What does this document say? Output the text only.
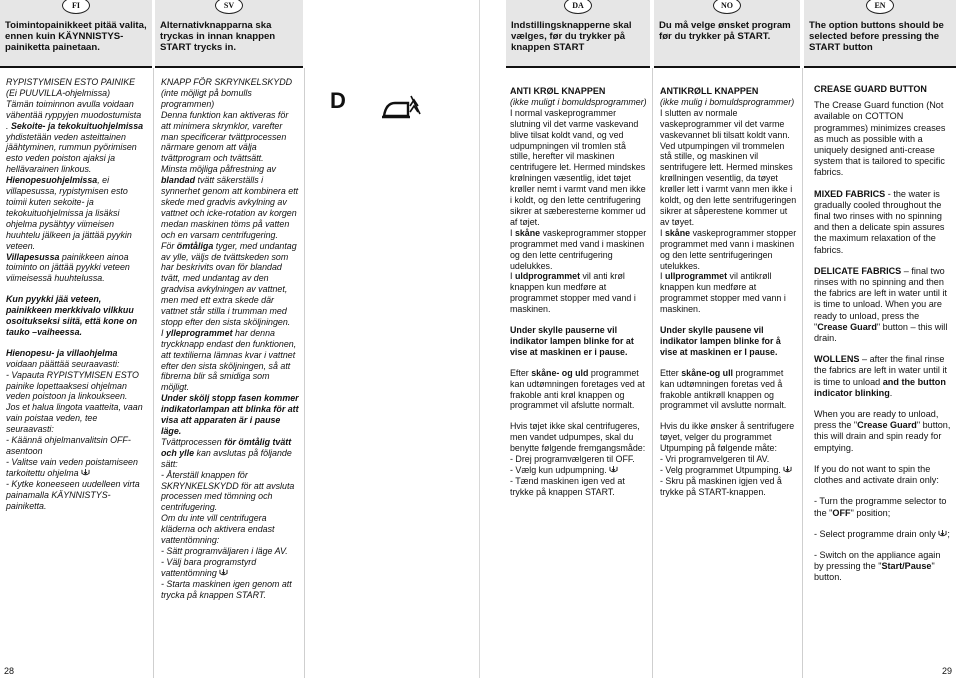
FI
Toimintopainikkeet pitää valita, ennen kuin KÄYNNISTYS- painiketta painetaan.

RYPISTYMISEN ESTO PAINIKE

(Ei PUUVILLA-ohjelmissa)

Tämän toiminnon avulla voidaan vähentää ryppyjen muodostumista . Sekoite- ja tekokuituohjelmissa yhdistetään veden asteittainen jäähtyminen, rummun pyörimisen esto veden poiston ajaksi ja hellävarainen linkous.

Hienopesuohjelmissa, ei villapesussa, rypistymisen esto toimii kuten sekoite- ja tekokuituohjelmissa ja lisäksi ohjelma pysähtyy viimeisen huuhtelu jälkeen ja jättää pyykin veteen.

Villapesussa painikkeen ainoa toiminto on jättää pyykki veteen viimeisessä huuhtelussa.

Kun pyykki jää veteen, painikkeen merkkivalo vilkkuu osoitukseksi siitä, että kone on tauko –vaiheessa.

Hienopesu- ja villaohjelma voidaan päättää seuraavasti:

- Vapauta RYPISTYMISEN ESTO painike lopettaaksesi ohjelman veden poistoon ja linkoukseen.

Jos et halua lingota vaatteita, vaan vain poistaa veden, tee seuraavasti:

- Käännä ohjelmanvalitsin OFF-asentoon

- Valitse vain veden poistamiseen tarkoitettu ohjelma

- Kytke koneeseen uudelleen virta painamalla KÄYNNISTYS-painiketta.

28
SV
Alternativknapparna ska tryckas in innan knappen START trycks in.

KNAPP FÖR SKRYNKELSKYDD

(inte möjligt på bomulls programmen)

Denna funktion kan aktiveras för att minimera skrynklor, varefter man specificerar tvättprocessen närmare genom att välja tvättprogram och tvättsätt.

Minsta möjliga påfrestning av blandad tvätt säkerställs i synnerhet genom att kombinera ett skede med gradvis avkylning av vattnet och icke-rotation av korgen medan maskinen töms på vatten och en varsam centrifugering.

För ömtåliga tyger, med undantag av ylle, väljs de tvättskeden som har beskrivits ovan för blandad tvätt, med undantag av den gradvisa avkylningen av vattnet, men med ett extra skede där vattnet står stilla i trumman med stopp efter den sista sköljningen.

I ylleprogrammet har denna tryckknapp endast den funktionen, att textilierna lämnas kvar i vattnet efter den sista sköljningen, så att fibrerna blir så smidiga som möjligt.

Under skölj stopp fasen kommer indikatorlampan att blinka för att visa att apparaten är i pause läge.

Tvättprocessen för ömtålig tvätt och ylle kan avslutas på följande sätt:

- Återställ knappen för SKRYNKELSKYDD för att avsluta processen med tömning och centrifugering.

Om du inte vill centrifugera kläderna och aktivera endast vattentömning:

- Sätt programväljaren i läge AV.

- Välj bara programstyrd vattentömning

- Starta maskinen igen genom att trycka på knappen START.

D
DA
Indstillingsknapperne skal vælges, før du trykker på knappen START

ANTI KRØL KNAPPEN

(ikke muligt i bomuldsprogrammer)

I normal vaskeprogrammer slutning vil det varme vaskevand blive tilsat koldt vand, og ved udpumpningen vil tromlen stå stille, herefter vil maskinen centrifugere let. Hermed mindskes krølningen væsentlig, idet tøjet krøller nemt i varmt vand men ikke i koldt, og den lette centrifugering sikrer at sæberesterne kommer ud af tøjet.

I skåne vaskeprogrammer stopper programmet med vand i maskinen og den lette centrifugering udelukkes.

I uldprogrammet vil anti krøl knappen kun medføre at programmet stopper med vand i maskinen.

Under skylle pauserne vil indikator lampen blinke for at vise at maskinen er i pause.

Efter skåne- og uld programmet kan udtømningen foretages ved at frakoble anti krøl knappen og programmet vil afslutte normalt.

Hvis tøjet ikke skal centrifugeres, men vandet udpumpes, skal du benytte følgende fremgangsmåde:

- Drej programvælgeren til OFF.

- Vælg kun udpumpning.

- Tænd maskinen igen ved at trykke på knappen START.

NO
Du må velge ønsket program før du trykker på START.

ANTIKRØLL KNAPPEN

(ikke mulig i bomuldsprogrammer)

I slutten av normale vaskeprogrammer vil det varme vaskevannet bli tilsatt koldt vann. Ved utpumpingen vil trommelen stå stille, og maskinen vil sentrifugere lett. Hermed minskes krøllningen vesentlig, da tøyet krøller lett i varmt vann men ikke i koldt, og den lette sentrifugeringen sikrer at såperestene kommer ut av tøyet.

I skåne vaskeprogrammer stopper programmet med vann i maskinen og den lette sentrifugeringen utelukkes.

I ullprogrammet vil antikrøll knappen kun medføre at programmet stopper med vann i maskinen.

Under skylle pausene vil indikator lampen blinke for å vise at maskinen er I pause.

Etter skåne-og ull programmet kan udtømningen foretas ved å frakoble antikrøll knappen og programmet vil avslutte normalt.

Hvis du ikke ønsker å sentrifugere tøyet, velger du programmet Utpumping på følgende måte:

- Vri programvelgeren til AV.

- Velg programmet Utpumping.

- Skru på maskinen igjen ved å trykke på START-knappen.

EN
The option buttons should be selected before pressing the START button

CREASE GUARD BUTTON

The Crease Guard function (Not available on COTTON programmes) minimizes creases as much as possible with a uniquely designed anti-crease system that is tailored to specific fabrics.

MIXED FABRICS - the water is gradually cooled throughout the final two rinses with no spinning and then a delicate spin assures the maximum relaxation of the fabrics.

DELICATE FABRICS – final two rinses with no spinning and then the fabrics are left in water until it is time to unload. When you are ready to unload, press the "Crease Guard" button – this will drain.

WOLLENS – after the final rinse the fabrics are left in water until it is time to unload and the button indicator blinking.

When you are ready to unload, press the "Crease Guard" button, this will drain and spin ready for emptying.

If you do not want to spin the clothes and activate drain only:

- Turn the programme selector to the "OFF" position;

- Select programme drain only ;

- Switch on the appliance again by pressing the "Start/Pause" button.

29
